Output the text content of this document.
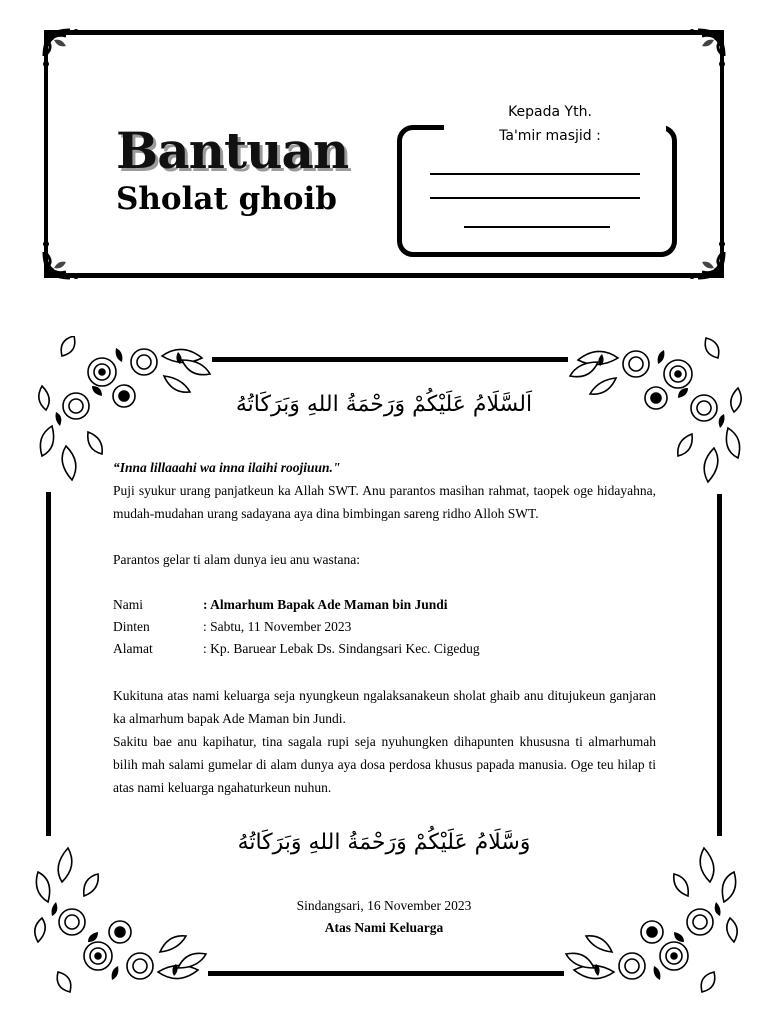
Bantuan
Sholat ghoib
Kepada Yth.
Ta'mir masjid :
اَلسَّلَامُ عَلَيْكُمْ وَرَحْمَةُ اللهِ وَبَرَكَاتُهُ
“Inna lillaaahi wa inna ilaihi roojiuun."
Puji syukur urang panjatkeun ka Allah SWT. Anu parantos masihan rahmat, taopek oge hidayahna, mudah-mudahan urang sadayana aya dina bimbingan sareng ridho Alloh SWT.
Parantos gelar ti alam dunya ieu anu wastana:
Nami	: Almarhum Bapak Ade Maman bin Jundi
Dinten	: Sabtu, 11 November 2023
Alamat	: Kp. Baruear Lebak Ds. Sindangsari Kec. Cigedug
Kukituna atas nami keluarga seja nyungkeun ngalaksanakeun sholat ghaib anu ditujukeun ganjaran ka almarhum bapak Ade Maman bin Jundi.
Sakitu bae anu kapihatur, tina sagala rupi seja nyuhungken dihapunten khususna ti almarhumah bilih mah salami gumelar di alam dunya aya dosa perdosa khusus papada manusia. Oge teu hilap ti atas nami keluarga ngahaturkeun nuhun.
وَسَّلَامُ عَلَيْكُمْ وَرَحْمَةُ اللهِ وَبَرَكَاتُهُ
Sindangsari, 16 November 2023
Atas Nami Keluarga
